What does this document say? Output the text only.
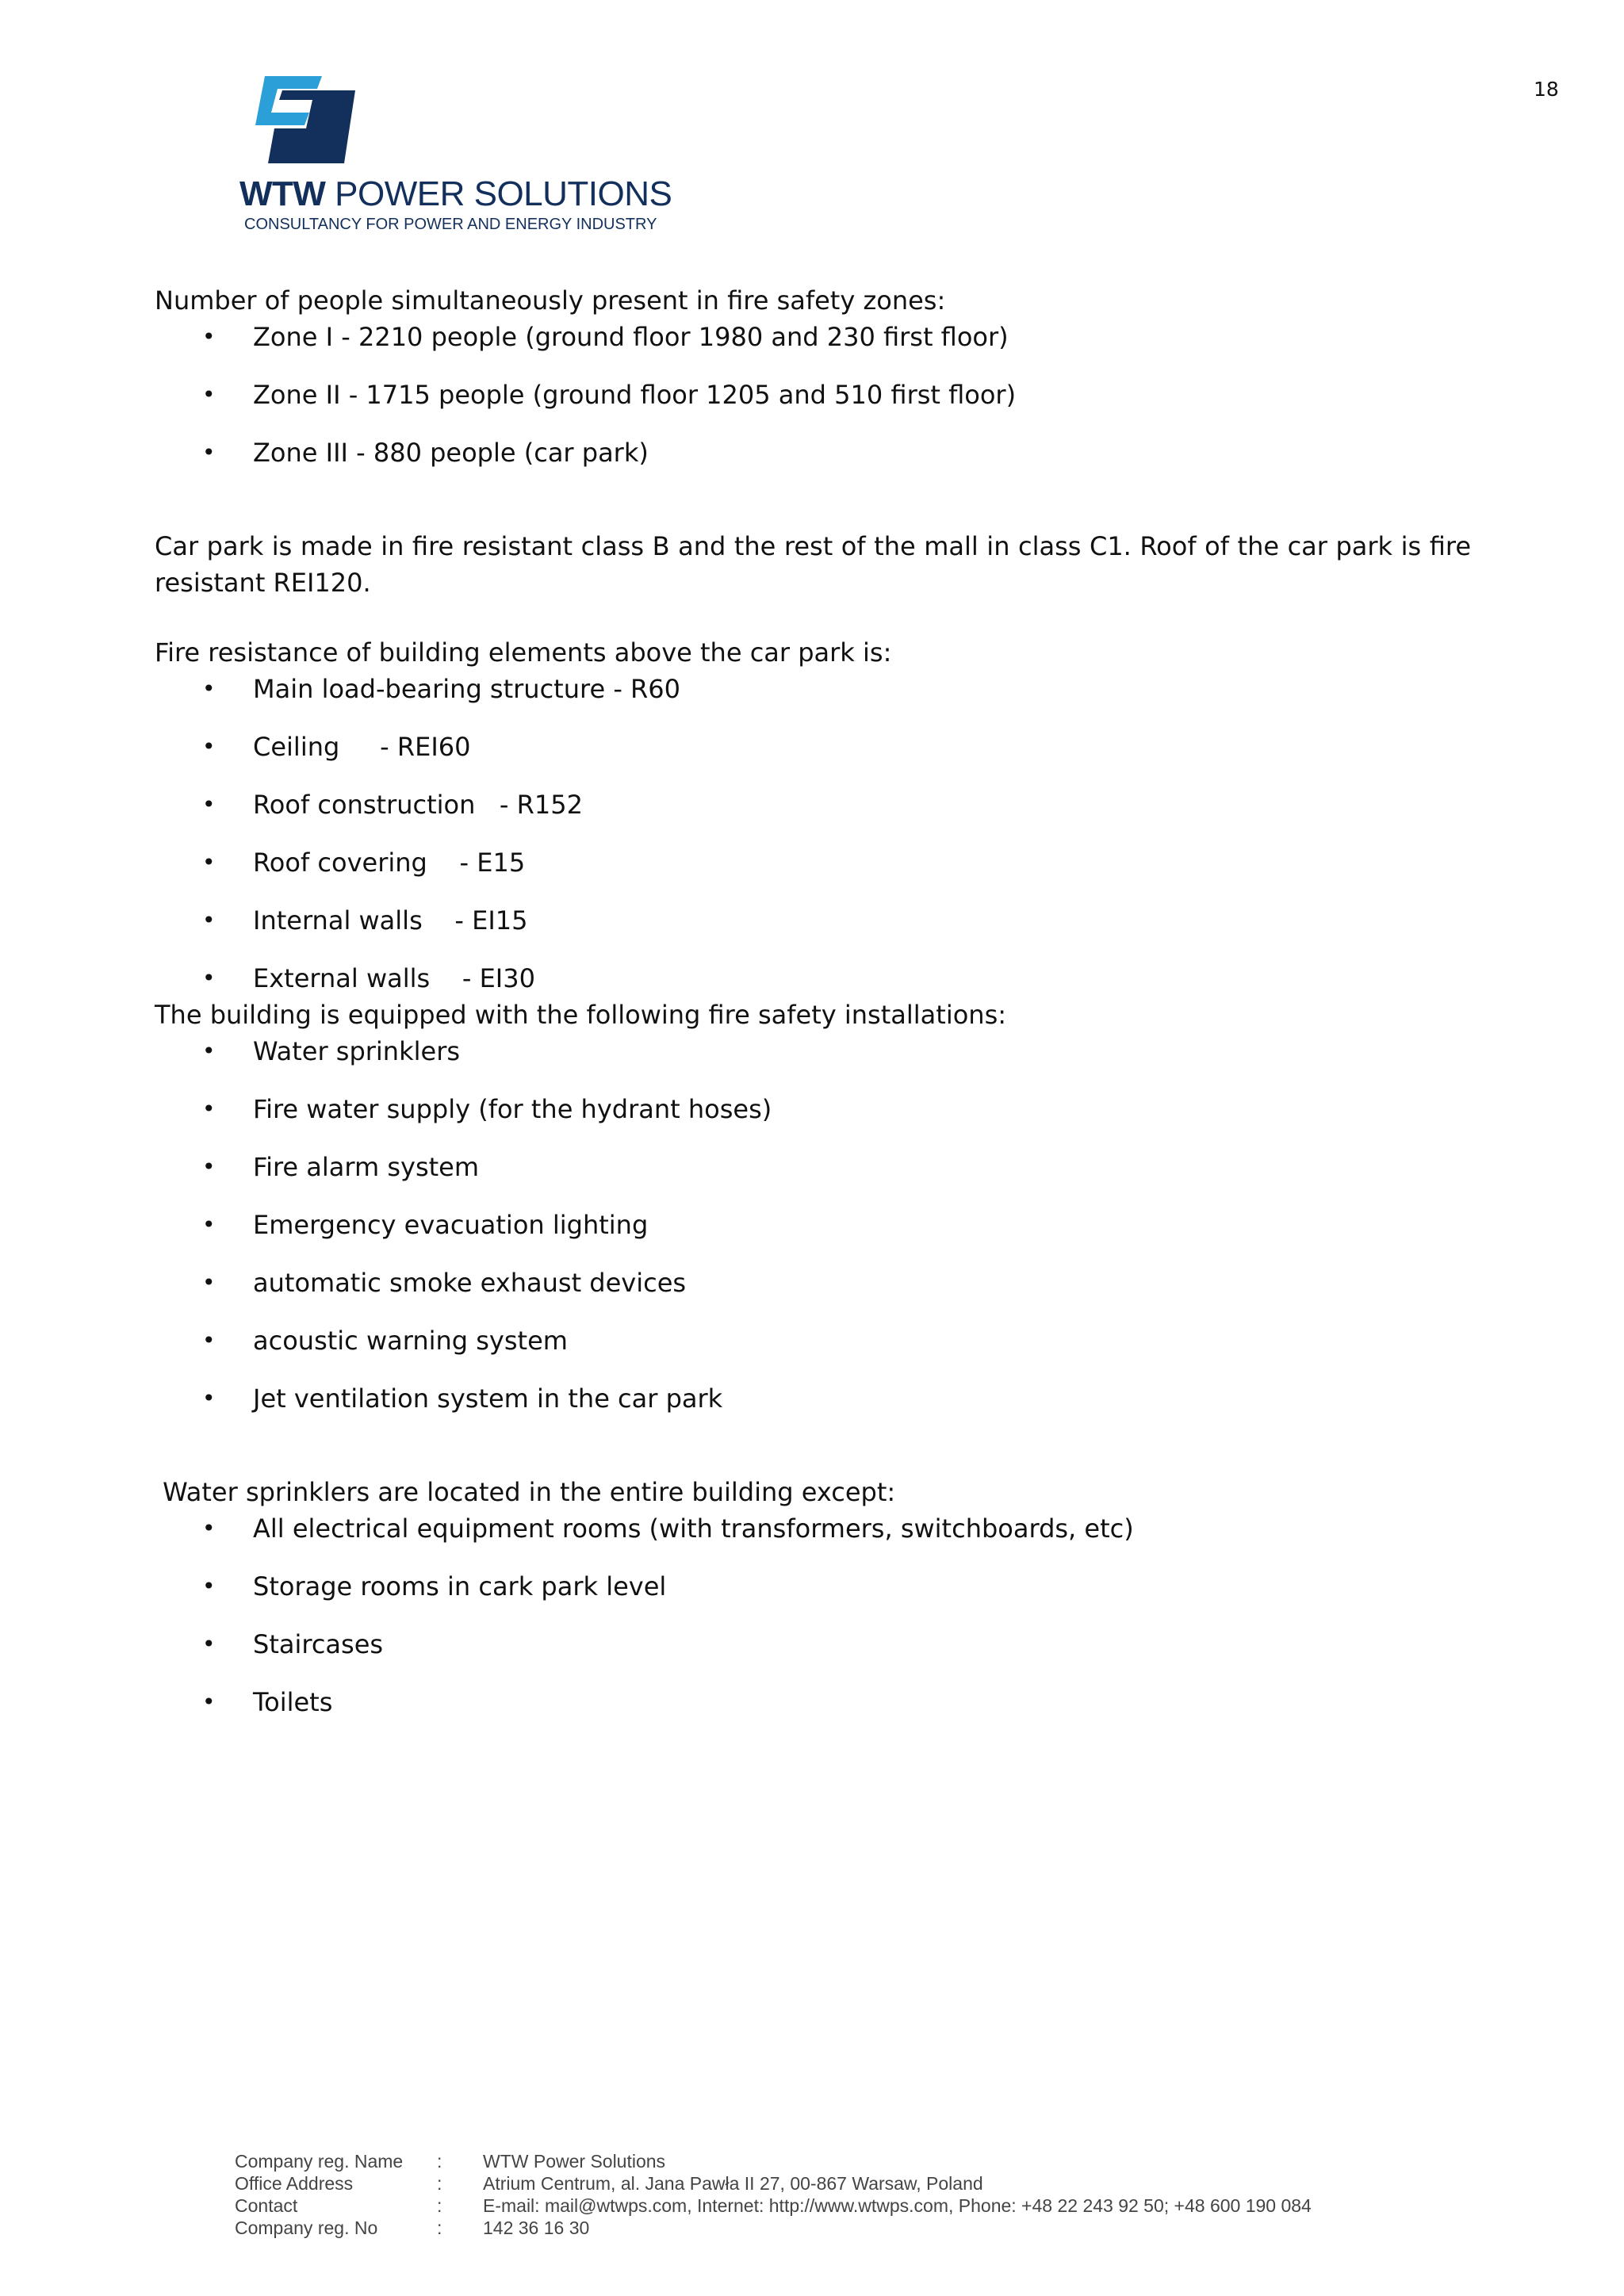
18
WTW POWER SOLUTIONS
CONSULTANCY FOR POWER AND ENERGY INDUSTRY

Number of people simultaneously present in fire safety zones:

• Zone I - 2210 people (ground floor 1980 and 230 first floor)
• Zone II - 1715 people (ground floor 1205 and 510 first floor)
• Zone III - 880 people (car park)

Car park is made in fire resistant class B and the rest of the mall in class C1. Roof of the car park is fire resistant REI120.

Fire resistance of building elements above the car park is:

• Main load-bearing structure - R60
• Ceiling     - REI60
• Roof construction   - R152
• Roof covering    - E15
• Internal walls    - EI15
• External walls    - EI30

The building is equipped with the following fire safety installations:

• Water sprinklers
• Fire water supply (for the hydrant hoses)
• Fire alarm system
• Emergency evacuation lighting
• automatic smoke exhaust devices
• acoustic warning system
• Jet ventilation system in the car park

Water sprinklers are located in the entire building except:

• All electrical equipment rooms (with transformers, switchboards, etc)
• Storage rooms in cark park level
• Staircases
• Toilets
Company reg. Name : WTW Power Solutions
Office Address	: Atrium Centrum, al. Jana Pawła II 27, 00-867 Warsaw, Poland
Contact	: E-mail: mail@wtwps.com, Internet: http://www.wtwps.com, Phone: +48 22 243 92 50; +48 600 190 084
Company reg. No	: 142 36 16 30
